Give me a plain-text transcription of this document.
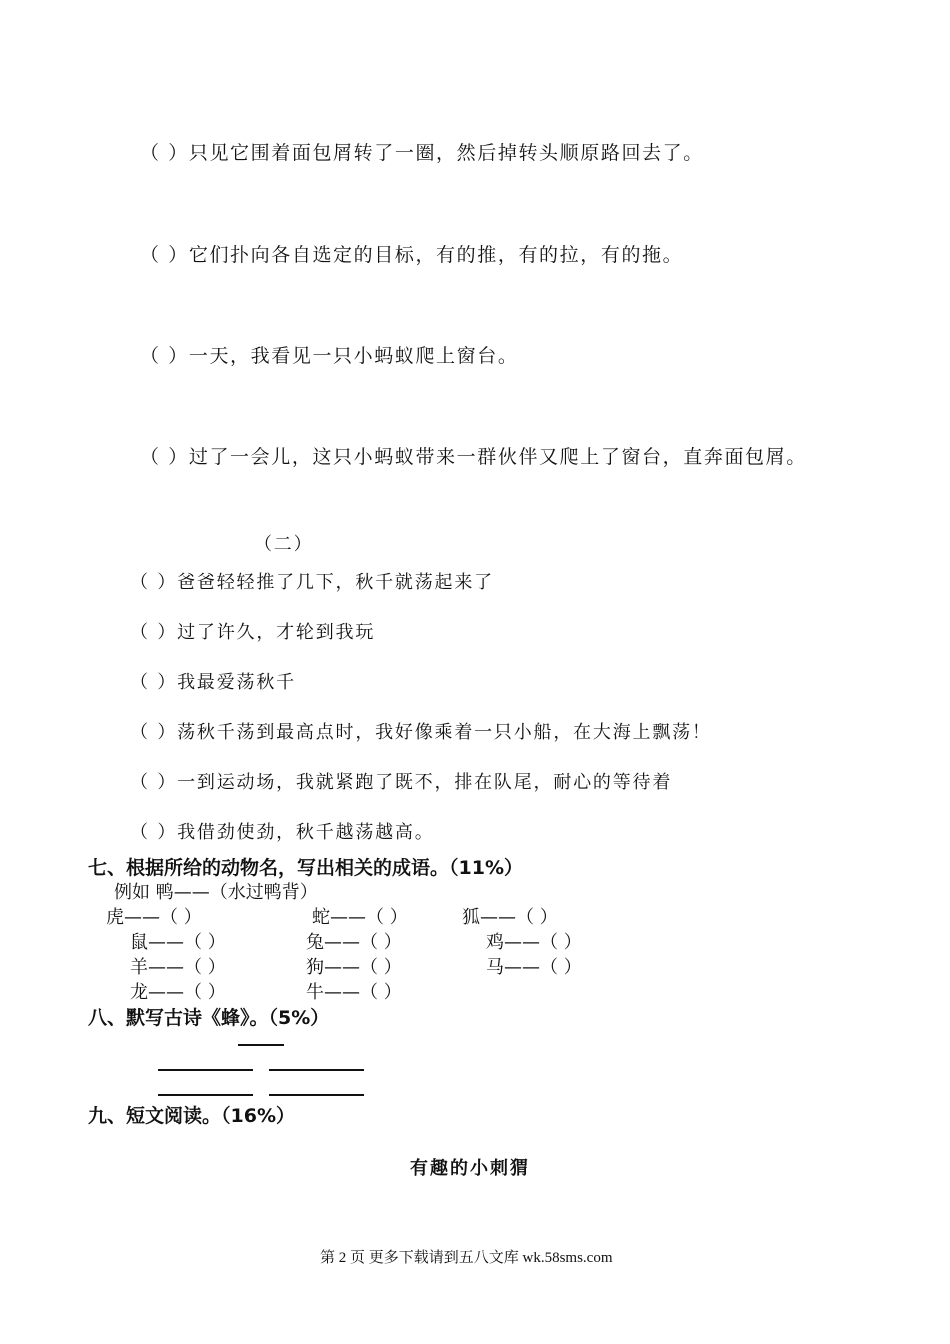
（ ）只见它围着面包屑转了一圈，然后掉转头顺原路回去了。
（ ）它们扑向各自选定的目标，有的推，有的拉，有的拖。
（ ）一天，我看见一只小蚂蚁爬上窗台。
（ ）过了一会儿，这只小蚂蚁带来一群伙伴又爬上了窗台，直奔面包屑。
（二）
（ ）爸爸轻轻推了几下，秋千就荡起来了
（ ）过了许久，才轮到我玩
（ ）我最爱荡秋千
（ ）荡秋千荡到最高点时，我好像乘着一只小船，在大海上飘荡！
（ ）一到运动场，我就紧跑了既不，排在队尾，耐心的等待着
（ ）我借劲使劲，秋千越荡越高。
七、根据所给的动物名，写出相关的成语。（11%）
例如 鸭——（水过鸭背）
虎——（ ）	蛇——（ ）	狐——（ ）
鼠——（ ）	兔——（ ）	鸡——（ ）
羊——（ ）	狗——（ ）	马——（ ）
龙——（ ）	牛——（ ）
八、默写古诗《蜂》。（5%）
九、短文阅读。（16%）
有趣的小刺猬
第 2 页 更多下载请到五八文库 wk.58sms.com
